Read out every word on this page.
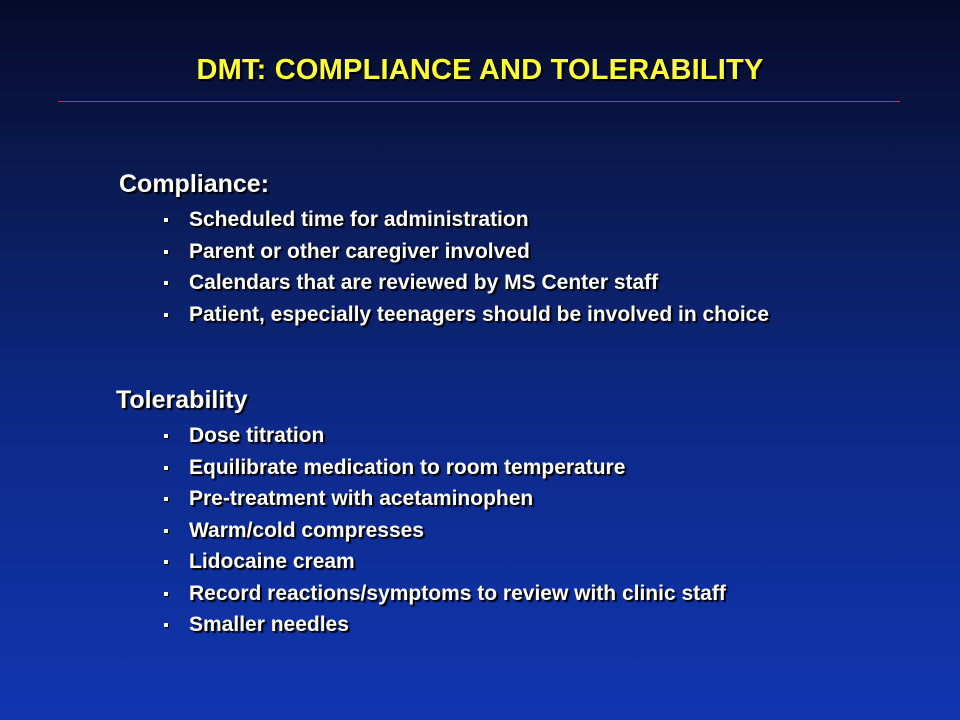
DMT: COMPLIANCE AND TOLERABILITY
Compliance:
Scheduled time for administration
Parent or other caregiver involved
Calendars that are reviewed by MS Center staff
Patient, especially teenagers should be involved in choice
Tolerability
Dose titration
Equilibrate medication to room temperature
Pre-treatment with acetaminophen
Warm/cold compresses
Lidocaine cream
Record reactions/symptoms to review with clinic staff
Smaller needles
